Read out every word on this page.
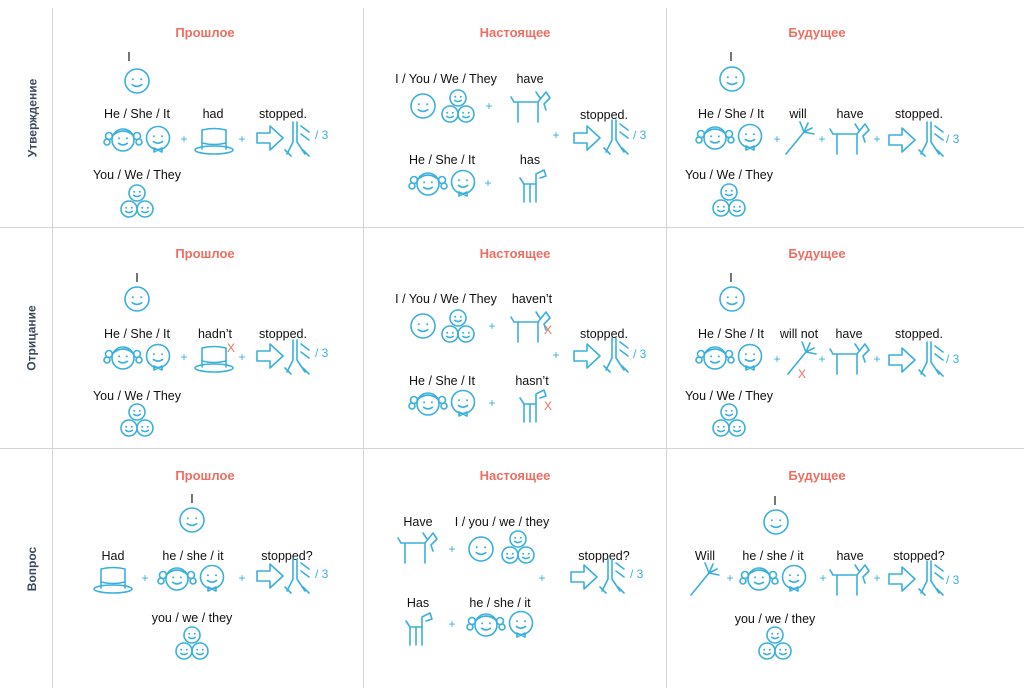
Утверждение
Отрицание
Вопрос
Прошлое
I
He / She / It
+
had
+
stopped.
/ 3
You / We / They
Настоящее
I / You / We / They
+
have
He / She / It
+
has
+
stopped.
/ 3
Будущее
I
He / She / It
+
will
+
have
+
stopped.
/ 3
You / We / They
Прошлое
I
He / She / It
+
hadn’t
X
+
stopped.
/ 3
You / We / They
Настоящее
I / You / We / They
+
haven’t
X
He / She / It
+
hasn’t
X
+
stopped.
/ 3
Будущее
I
He / She / It
+
will not
X
+
have
+
stopped.
/ 3
You / We / They
Прошлое
I
Had
+
he / she / it
+
stopped?
/ 3
you / we / they
Настоящее
Have
+
I / you / we / they
+
Has
+
he / she / it
stopped?
/ 3
Будущее
I
Will
+
he / she / it
+
have
+
stopped?
/ 3
you / we / they
